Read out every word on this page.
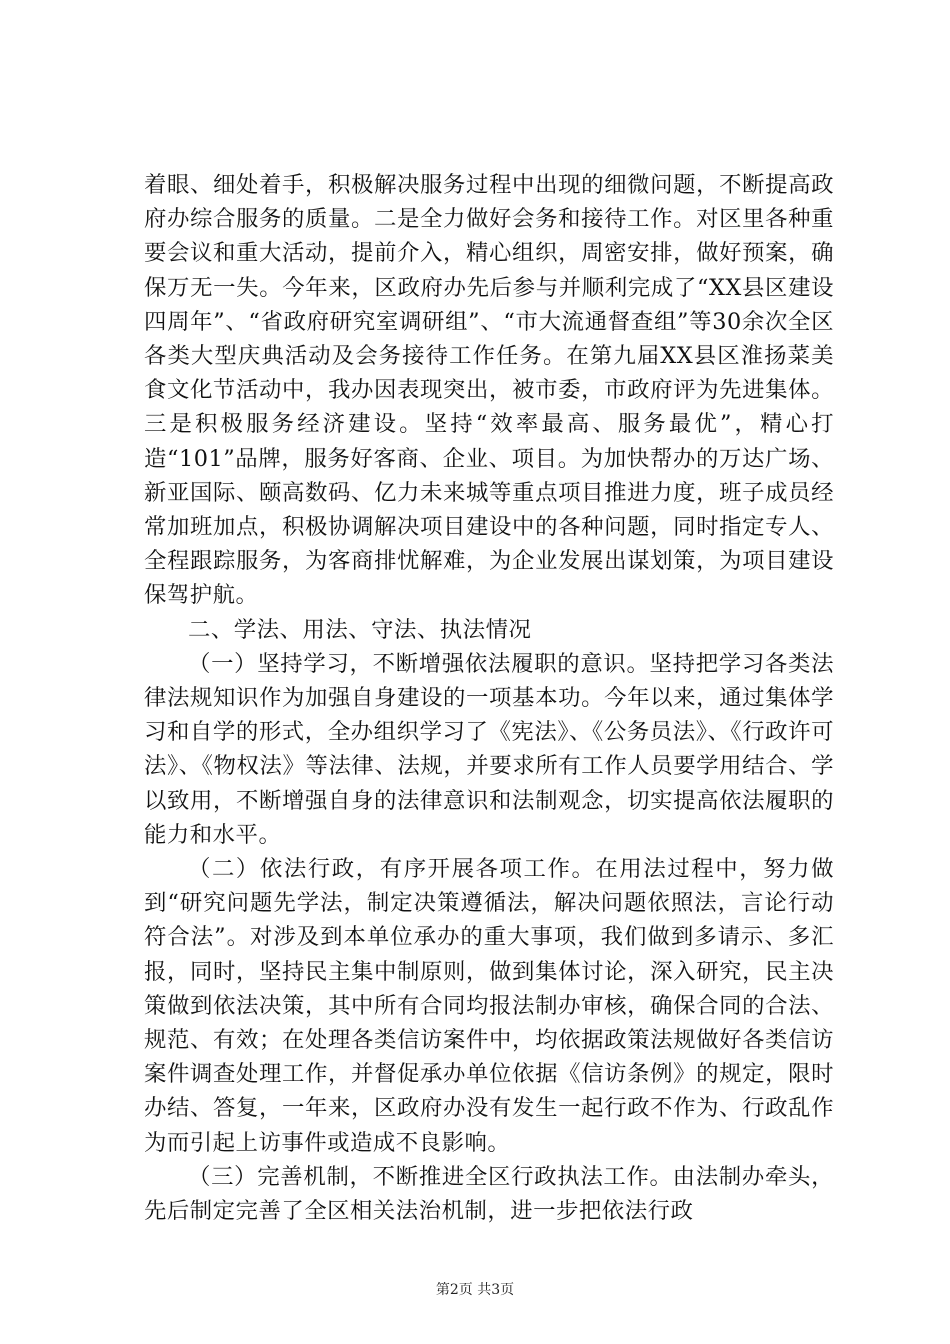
着眼、细处着手，积极解决服务过程中出现的细微问题，不断提高政府办综合服务的质量。二是全力做好会务和接待工作。对区里各种重要会议和重大活动，提前介入，精心组织，周密安排，做好预案，确保万无一失。今年来，区政府办先后参与并顺利完成了“XX县区建设四周年”、“省政府研究室调研组”、“市大流通督查组”等30余次全区各类大型庆典活动及会务接待工作任务。在第九届XX县区淮扬菜美食文化节活动中，我办因表现突出，被市委，市政府评为先进集体。三是积极服务经济建设。坚持“效率最高、服务最优”，精心打造“101”品牌，服务好客商、企业、项目。为加快帮办的万达广场、新亚国际、颐高数码、亿力未来城等重点项目推进力度，班子成员经常加班加点，积极协调解决项目建设中的各种问题，同时指定专人、全程跟踪服务，为客商排忧解难，为企业发展出谋划策，为项目建设保驾护航。

二、学法、用法、守法、执法情况

（一）坚持学习，不断增强依法履职的意识。坚持把学习各类法律法规知识作为加强自身建设的一项基本功。今年以来，通过集体学习和自学的形式，全办组织学习了《宪法》、《公务员法》、《行政许可法》、《物权法》等法律、法规，并要求所有工作人员要学用结合、学以致用，不断增强自身的法律意识和法制观念，切实提高依法履职的能力和水平。

（二）依法行政，有序开展各项工作。在用法过程中，努力做到“研究问题先学法，制定决策遵循法，解决问题依照法，言论行动符合法”。对涉及到本单位承办的重大事项，我们做到多请示、多汇报，同时，坚持民主集中制原则，做到集体讨论，深入研究，民主决策做到依法决策，其中所有合同均报法制办审核，确保合同的合法、规范、有效；在处理各类信访案件中，均依据政策法规做好各类信访案件调查处理工作，并督促承办单位依据《信访条例》的规定，限时办结、答复，一年来，区政府办没有发生一起行政不作为、行政乱作为而引起上访事件或造成不良影响。

（三）完善机制，不断推进全区行政执法工作。由法制办牵头，先后制定完善了全区相关法治机制，进一步把依法行政

第2页 共3页
